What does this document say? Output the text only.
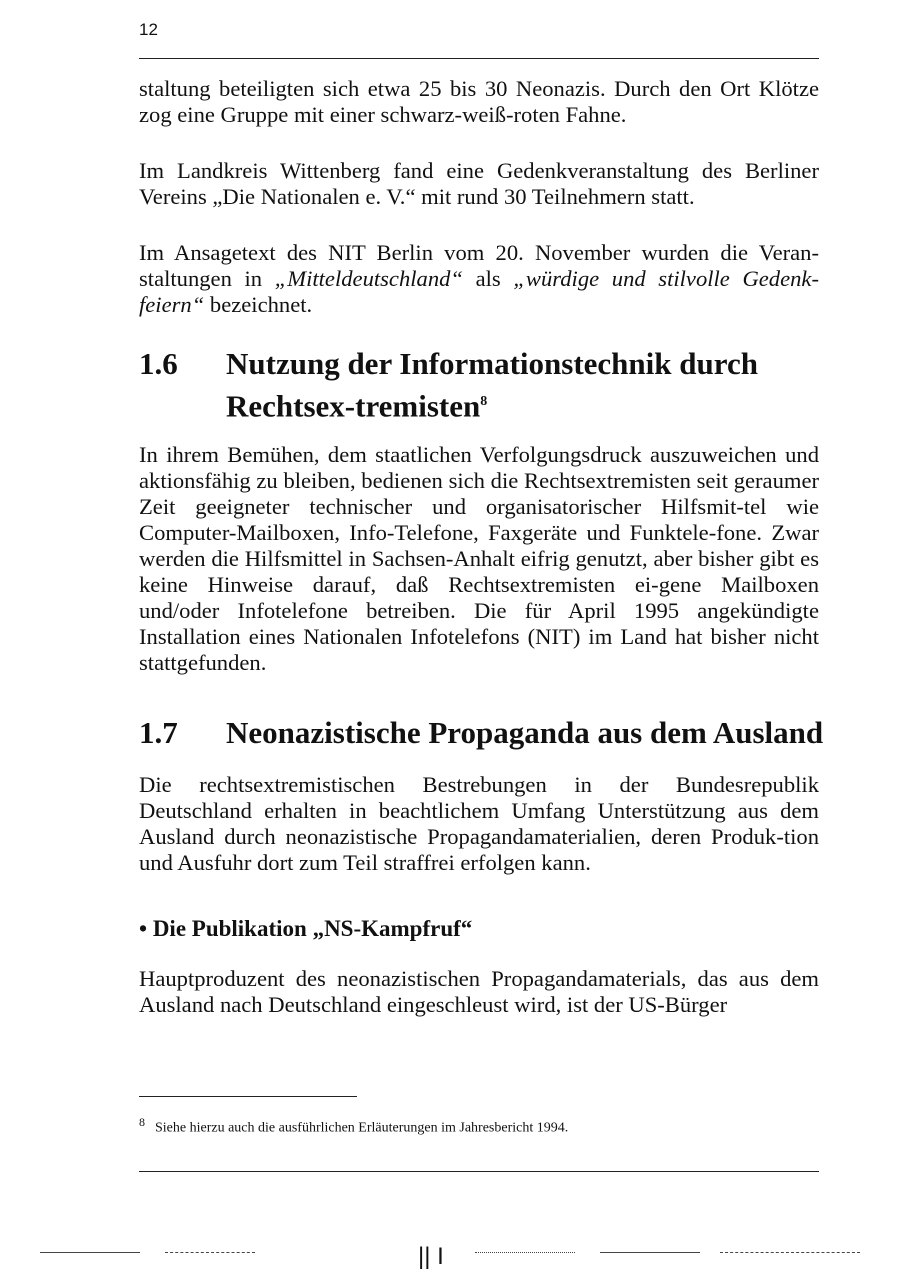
12

staltung beteiligten sich etwa 25 bis 30 Neonazis. Durch den Ort Klötze zog eine Gruppe mit einer schwarz-weiß-roten Fahne.

Im Landkreis Wittenberg fand eine Gedenkveranstaltung des Berliner Vereins „Die Nationalen e. V.“ mit rund 30 Teilnehmern statt.

Im Ansagetext des NIT Berlin vom 20. November wurden die Veran-staltungen in „Mitteldeutschland“ als „würdige und stilvolle Gedenk-feiern“ bezeichnet.

1.6 Nutzung der Informationstechnik durch Rechtsex-tremisten$^8$

In ihrem Bemühen, dem staatlichen Verfolgungsdruck auszuweichen und aktionsfähig zu bleiben, bedienen sich die Rechtsextremisten seit geraumer Zeit geeigneter technischer und organisatorischer Hilfsmit-tel wie Computer-Mailboxen, Info-Telefone, Faxgeräte und Funktele-fone. Zwar werden die Hilfsmittel in Sachsen-Anhalt eifrig genutzt, aber bisher gibt es keine Hinweise darauf, daß Rechtsextremisten ei-gene Mailboxen und/oder Infotelefone betreiben. Die für April 1995 angekündigte Installation eines Nationalen Infotelefons (NIT) im Land hat bisher nicht stattgefunden.

1.7 Neonazistische Propaganda aus dem Ausland

Die rechtsextremistischen Bestrebungen in der Bundesrepublik Deutschland erhalten in beachtlichem Umfang Unterstützung aus dem Ausland durch neonazistische Propagandamaterialien, deren Produk-tion und Ausfuhr dort zum Teil straffrei erfolgen kann.

• Die Publikation „NS-Kampfruf“

Hauptproduzent des neonazistischen Propagandamaterials, das aus dem Ausland nach Deutschland eingeschleust wird, ist der US-Bürger

$^8$ Siehe hierzu auch die ausführlichen Erläuterungen im Jahresbericht 1994.

|| I
